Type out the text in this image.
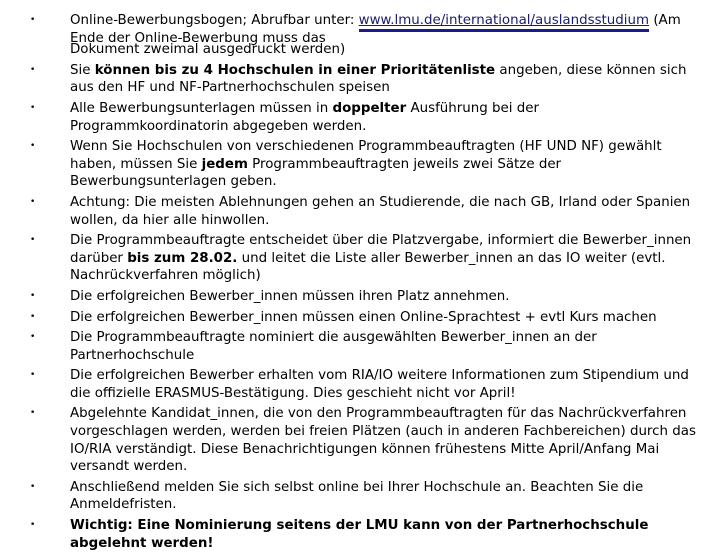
•	Online-Bewerbungsbogen; Abrufbar unter: www.lmu.de/international/auslandsstudium
(Am Ende der Online-Bewerbung muss das
Dokument zweimal ausgedruckt werden)
•	Sie können bis zu 4 Hochschulen in einer Prioritätenliste angeben, diese können sich aus den HF und NF-Partnerhochschulen speisen
•	Alle Bewerbungsunterlagen müssen in doppelter Ausführung bei der Programmkoordinatorin abgegeben werden.
•	Wenn Sie Hochschulen von verschiedenen Programmbeauftragten (HF UND NF) gewählt haben, müssen Sie jedem Programmbeauftragten jeweils zwei Sätze der Bewerbungsunterlagen geben.
•	Achtung: Die meisten Ablehnungen gehen an Studierende, die nach GB, Irland oder Spanien wollen, da hier alle hinwollen.
•	Die Programmbeauftragte entscheidet über die Platzvergabe, informiert die Bewerber_innen darüber bis zum 28.02. und leitet die Liste aller Bewerber_innen an das IO weiter (evtl. Nachrückverfahren möglich)
•	Die erfolgreichen Bewerber_innen müssen ihren Platz annehmen.
•	Die erfolgreichen Bewerber_innen müssen einen Online-Sprachtest + evtl Kurs machen
•	Die Programmbeauftragte nominiert die ausgewählten Bewerber_innen an der Partnerhochschule
•	Die erfolgreichen Bewerber erhalten vom RIA/IO weitere Informationen zum Stipendium und die offizielle ERASMUS-Bestätigung. Dies geschieht nicht vor April!
•	Abgelehnte Kandidat_innen, die von den Programmbeauftragten für das Nachrückverfahren vorgeschlagen werden, werden bei freien Plätzen (auch in anderen Fachbereichen) durch das IO/RIA verständigt. Diese Benachrichtigungen können frühestens Mitte April/Anfang Mai versandt werden.
•	Anschließend melden Sie sich selbst online bei Ihrer Hochschule an. Beachten Sie die Anmeldefristen.
•	Wichtig: Eine Nominierung seitens der LMU kann von der Partnerhochschule abgelehnt werden!
